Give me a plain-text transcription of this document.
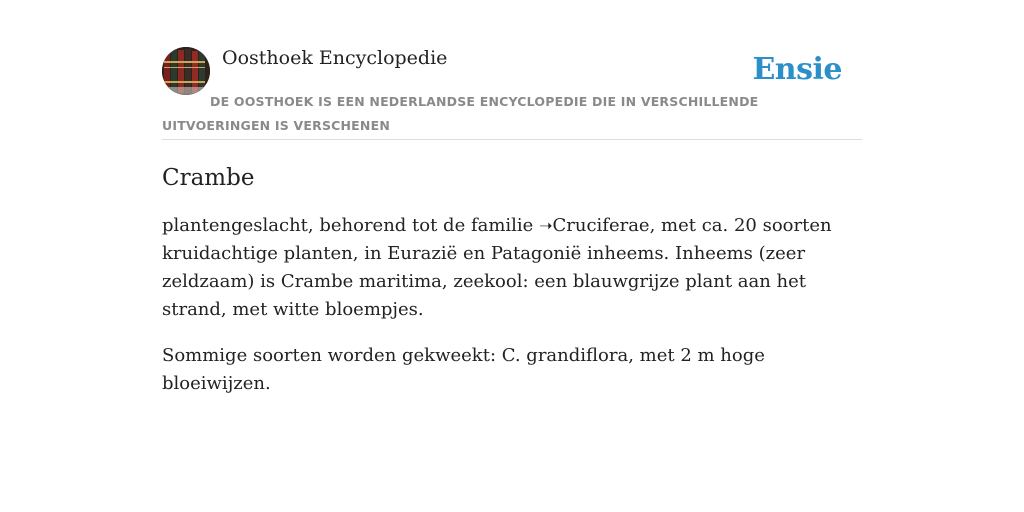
Oosthoek Encyclopedie	Ensie
DE OOSTHOEK IS EEN NEDERLANDSE ENCYCLOPEDIE DIE IN VERSCHILLENDE UITVOERINGEN IS VERSCHENEN
Crambe

plantengeslacht, behorend tot de familie ➝Cruciferae, met ca. 20 soorten kruidachtige planten, in Eurazië en Patagonië inheems. Inheems (zeer zeldzaam) is Crambe maritima, zeekool: een blauwgrijze plant aan het strand, met witte bloempjes.

Sommige soorten worden gekweekt: C. grandiflora, met 2 m hoge bloeiwijzen.
